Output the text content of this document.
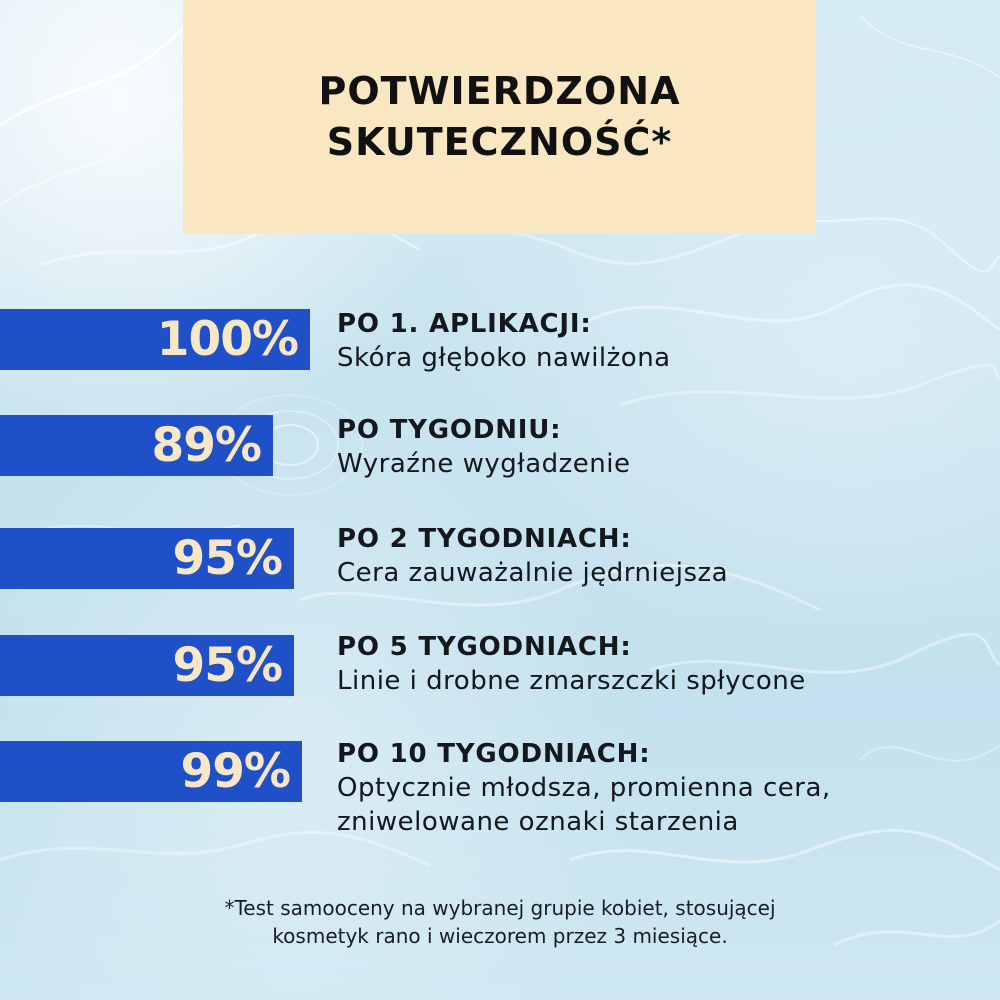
POTWIERDZONA
SKUTECZNOŚĆ*
100% PO 1. APLIKACJI:
Skóra głęboko nawilżona
89%	PO TYGODNIU:
Wyraźne wygładzenie
95% PO 2 TYGODNIACH:
Cera zauważalnie jędrniejsza
95% PO 5 TYGODNIACH:
Linie i drobne zmarszczki spłycone
99% PO 10 TYGODNIACH:
Optycznie młodsza, promienna cera,
zniwelowane oznaki starzenia
*Test samooceny na wybranej grupie kobiet, stosującej
kosmetyk rano i wieczorem przez 3 miesiące.
